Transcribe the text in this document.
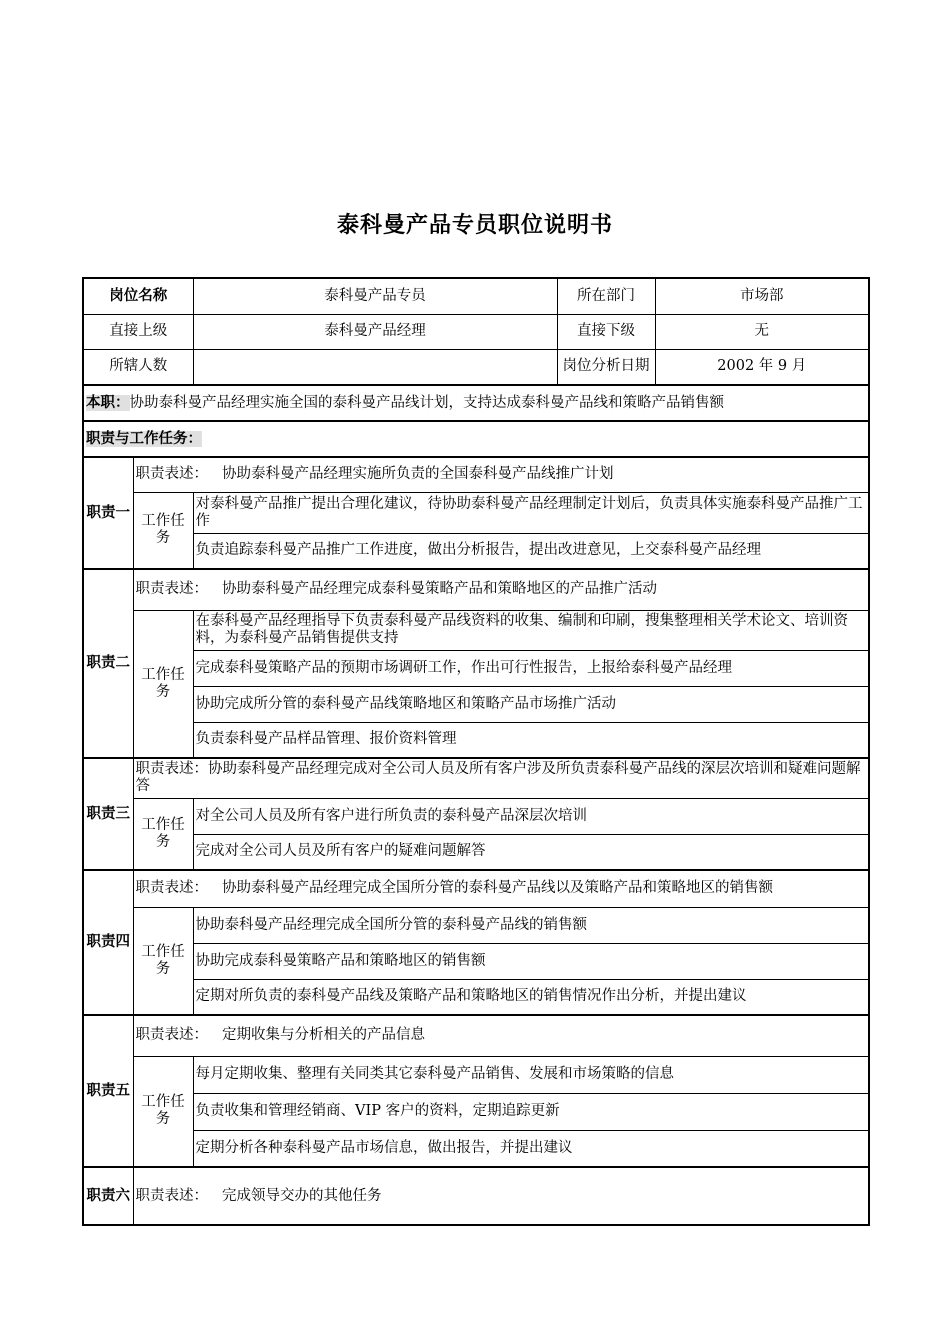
泰科曼产品专员职位说明书
岗位名称		泰科曼产品专员	所在部门	市场部
直接上级		泰科曼产品经理	直接下级	无
所辖人数			岗位分析日期	2002 年 9 月
本职：协助泰科曼产品经理实施全国的泰科曼产品线计划，支持达成泰科曼产品线和策略产品销售额				
职责与工作任务：				
职责一	职责表述： 协助泰科曼产品经理实施所负责的全国泰科曼产品线推广计划			
	工作任务	对泰科曼产品推广提出合理化建议，待协助泰科曼产品经理制定计划后，负责具体实施泰科曼产品推广工作		
		负责追踪泰科曼产品推广工作进度，做出分析报告，提出改进意见，上交泰科曼产品经理		
职责二	职责表述： 协助泰科曼产品经理完成泰科曼策略产品和策略地区的产品推广活动			
	工作任务	在泰科曼产品经理指导下负责泰科曼产品线资料的收集、编制和印刷，搜集整理相关学术论文、培训资料，为泰科曼产品销售提供支持		
		完成泰科曼策略产品的预期市场调研工作，作出可行性报告，上报给泰科曼产品经理		
		协助完成所分管的泰科曼产品线策略地区和策略产品市场推广活动		
		负责泰科曼产品样品管理、报价资料管理		
职责三	职责表述：协助泰科曼产品经理完成对全公司人员及所有客户涉及所负责泰科曼产品线的深层次培训和疑难问题解答			
	工作任务	对全公司人员及所有客户进行所负责的泰科曼产品深层次培训		
		完成对全公司人员及所有客户的疑难问题解答		
职责四	职责表述： 协助泰科曼产品经理完成全国所分管的泰科曼产品线以及策略产品和策略地区的销售额			
	工作任务	协助泰科曼产品经理完成全国所分管的泰科曼产品线的销售额		
		协助完成泰科曼策略产品和策略地区的销售额		
		定期对所负责的泰科曼产品线及策略产品和策略地区的销售情况作出分析，并提出建议		
职责五	职责表述： 定期收集与分析相关的产品信息			
	工作任务	每月定期收集、整理有关同类其它泰科曼产品销售、发展和市场策略的信息		
		负责收集和管理经销商、VIP 客户的资料，定期追踪更新		
		定期分析各种泰科曼产品市场信息，做出报告，并提出建议		
职责六	职责表述： 完成领导交办的其他任务			
